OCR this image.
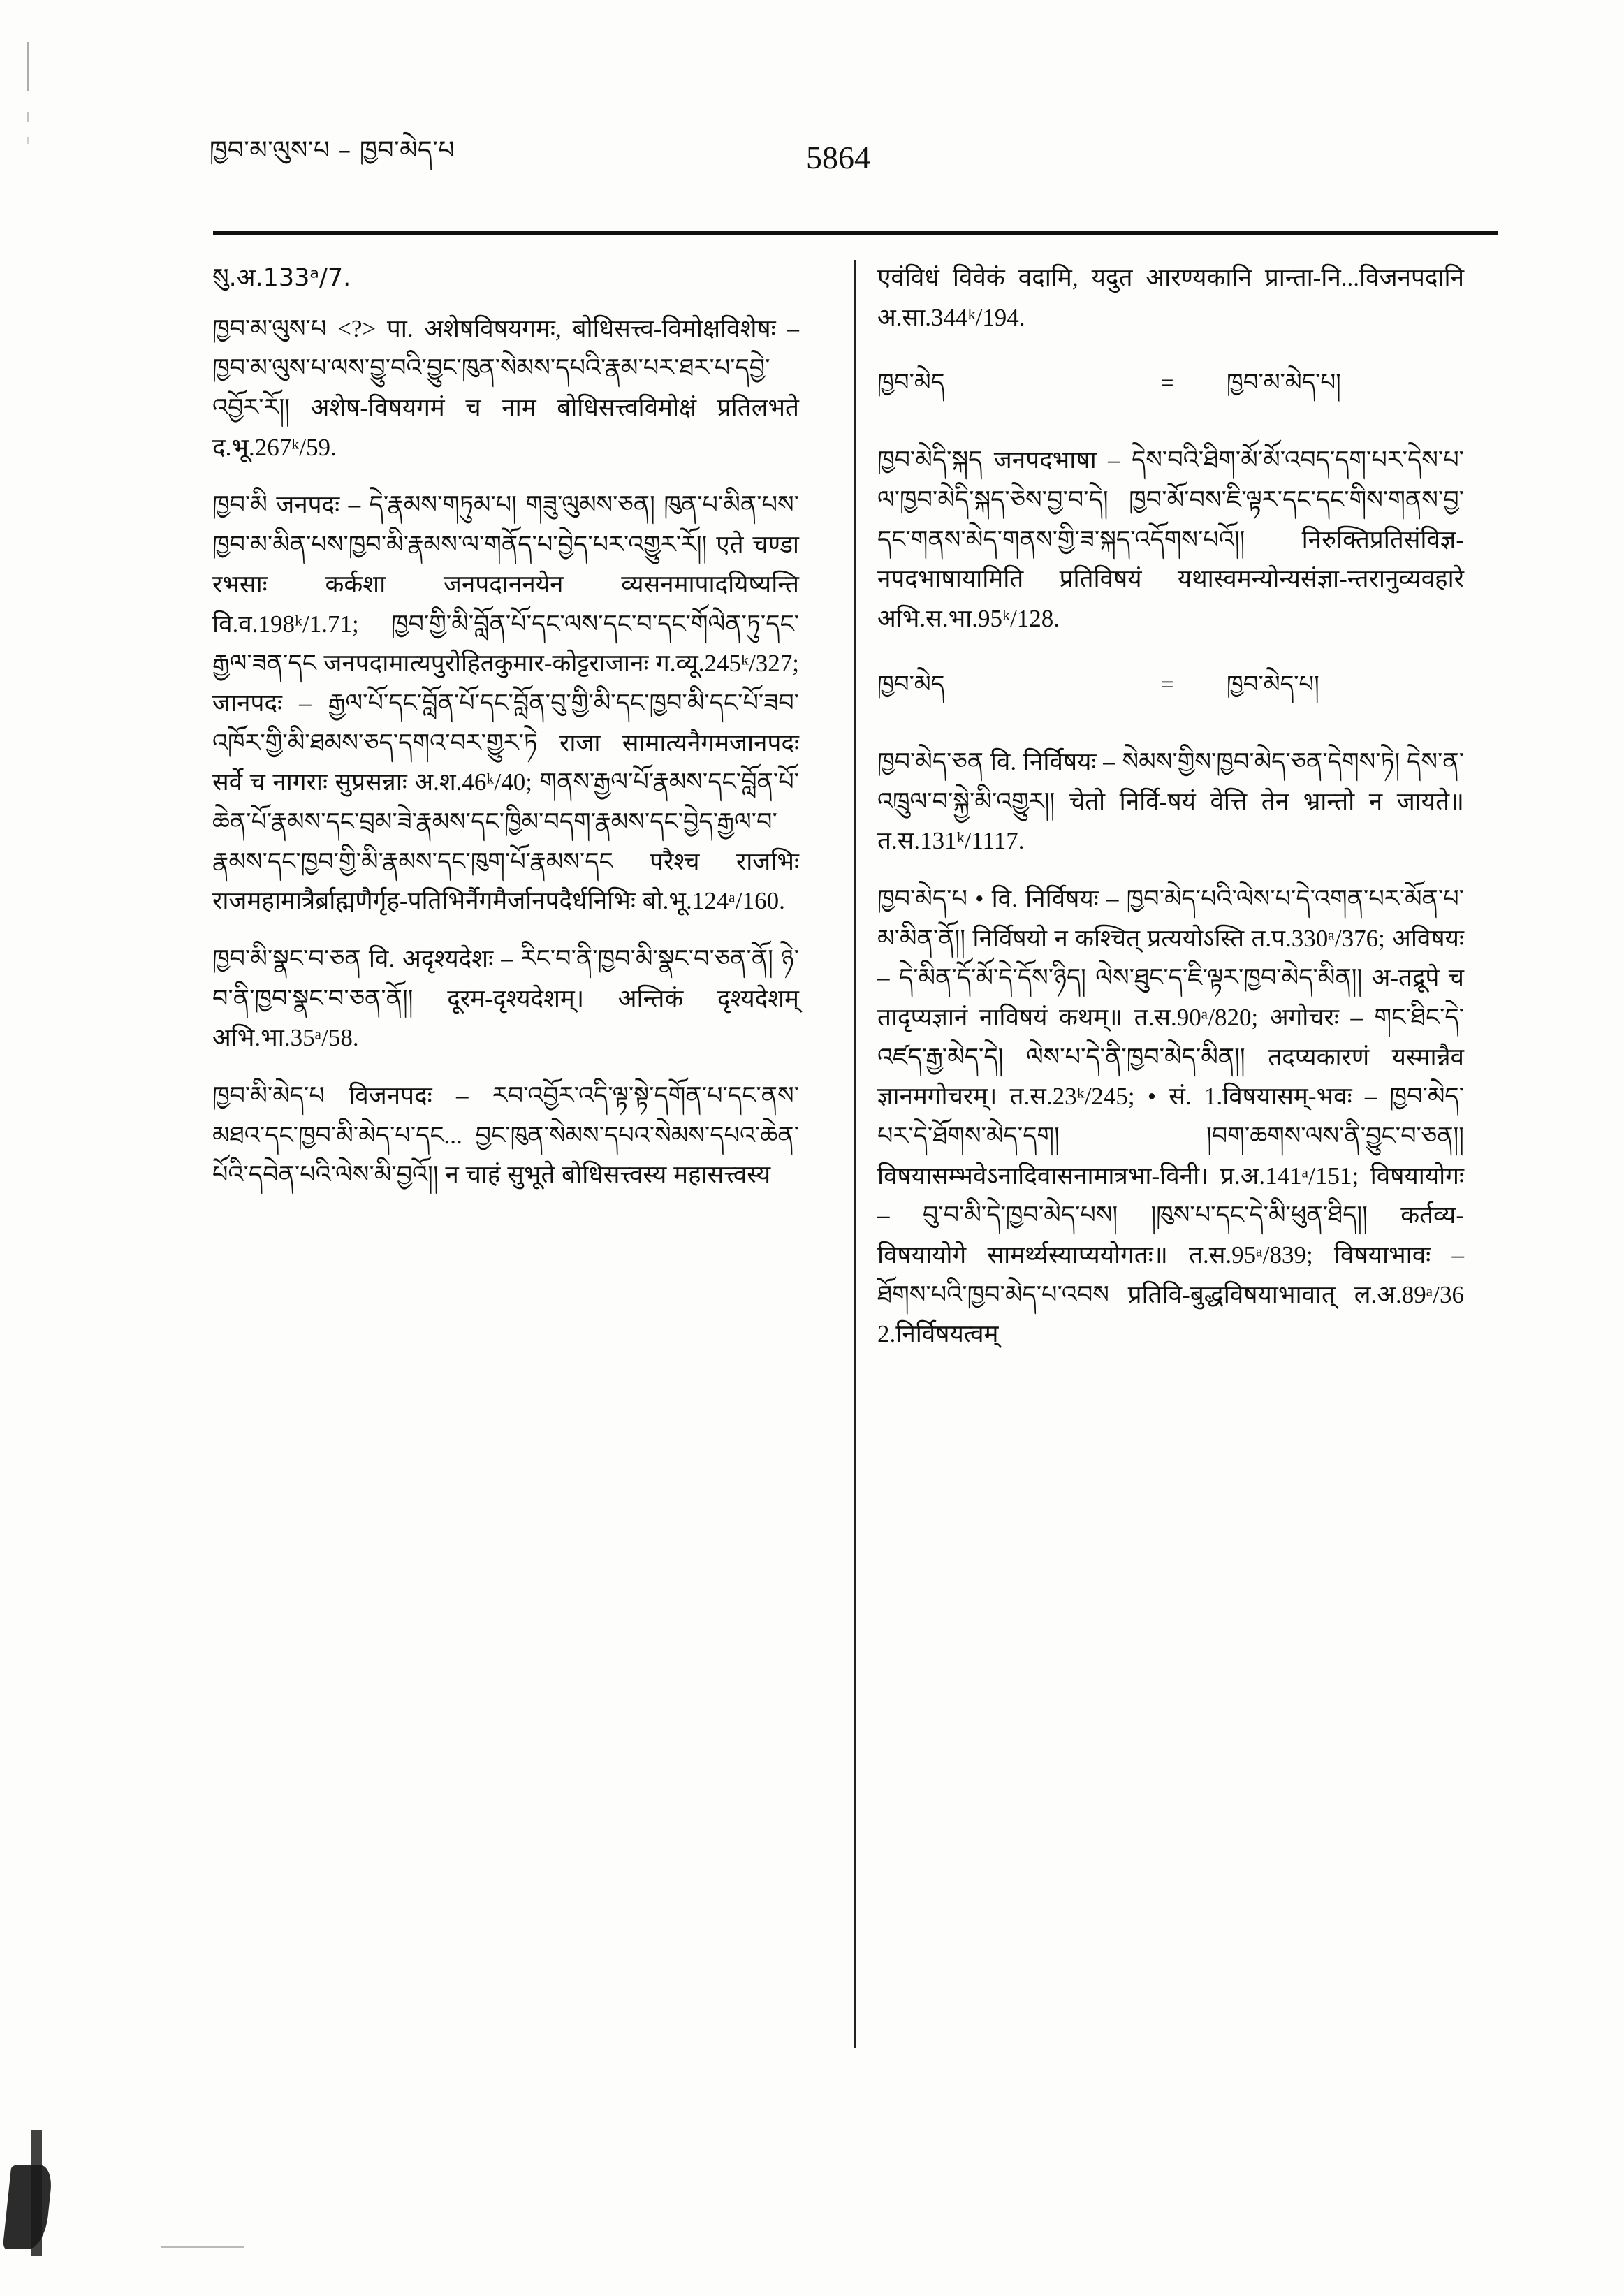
ཁྱབ་མ་ལུས་པ – ཁྱབ་མེད་པ	5864

སུ.अ.133ᵃ/7.

ཁྱབ་མ་ལུས་པ <?> पा. अशेषविषयगमः, बोधिसत्त्व-विमोक्षविशेषः – ཁྱབ་མ་ལུས་པ་ལས་བྱུ་བའི་བྱུང་ཁུན་སེམས་དཔའི་རྣམ་པར་ཐར་པ་དབྱེ་འབྱོར་རོ།། अशेष-विषयगमं च नाम बोधिसत्त्वविमोक्षं प्रतिलभते द.भू.267ᵏ/59.

ཁྱབ་མི जनपदः – དེ་རྣམས་གཏུམ་པ། གཟུ་ལུམས་ཅན། ཁུན་པ་མིན་པས་ཁྱབ་མ་མིན་པས་ཁྱབ་མི་རྣམས་ལ་གནོད་པ་བྱེད་པར་འགྱུར་རོ།། एते चण्डा रभसाः कर्कशा जनपदाननयेन व्यसनमापादयिष्यन्ति वि.व.198ᵏ/1.71; ཁྱབ་གྱི་མི་བློན་པོ་དང་ལས་དང་བ་དང་གོལེན་ཏུ་དང་རྒྱལ་ཟན་དང जनपदामात्यपुरोहितकुमार-कोट्टराजानः ग.व्यू.245ᵏ/327; जानपदः – རྒྱལ་པོ་དང་བློན་པོ་དང་བློན་བུ་གྱི་མི་དང་ཁྱབ་མི་དང་པོ་ཟབ་འཁོར་གྱི་མི་ཐམས་ཅད་དགའ་བར་གྱུར་ཏེ राजा सामात्यनैगमजानपदः सर्वे च नागराः सुप्रसन्नाः अ.श.46ᵏ/40; གནས་རྒྱལ་པོ་རྣམས་དང་བློན་པོ་ཆེན་པོ་རྣམས་དང་བྲམ་ཟེ་རྣམས་དང་ཁྱིམ་བདག་རྣམས་དང་བྱེད་རྒྱལ་བ་རྣམས་དང་ཁྱབ་གྱི་མི་རྣམས་དང་ཁུག་པོ་རྣམས་དང परैश्च राजभिः राजमहामात्रैर्ब्राह्मणैर्गृह-पतिभिर्नैगमैर्जानपदैर्धनिभिः बो.भू.124ᵃ/160.

ཁྱབ་མི་སྣང་བ་ཅན वि. अदृश्यदेशः – རིང་བ་ནི་ཁྱབ་མི་སྣང་བ་ཅན་ནོ། ཉེ་བ་ནི་ཁྱབ་སྣང་བ་ཅན་ནོ།། दूरम-दृश्यदेशम्। अन्तिकं दृश्यदेशम् अभि.भा.35ᵃ/58.

ཁྱབ་མི་མེད་པ विजनपदः – རབ་འབྱོར་འདི་ལྟ་སྟེ་དགོན་པ་དང་ནས་མཐའ་དང་ཁྱབ་མི་མེད་པ་དང... བྱང་ཁུན་སེམས་དཔའ་སེམས་དཔའ་ཆེན་པོའི་དབེན་པའི་ལེས་མི་བྱའོ།། न चाहं सुभूते बोधिसत्त्वस्य महासत्त्वस्य

एवंविधं विवेकं वदामि, यदुत आरण्यकानि प्रान्ता-नि...विजनपदानि अ.सा.344ᵏ/194.

ཁྱབ་མེད	=	ཁྱབ་མ་མེད་པ།

ཁྱབ་མེདི་སྐད जनपदभाषा – དེས་བའི་ཐིག་མོ་མོ་འབད་དག་པར་དེས་པ་ལ་ཁྱབ་མེདི་སྐད་ཅེས་བྱ་བ་དེ། ཁྱབ་མོ་བས་ཇི་ལྟར་དང་དང་གིས་གནས་བྱ་དང་གནས་མེད་གནས་གྱི་ཟ་སྐད་འདོགས་པའོ།། निरुक्तिप्रतिसंविज्ञ-नपदभाषायामिति प्रतिविषयं यथास्वमन्योन्यसंज्ञा-न्तरानुव्यवहारे अभि.स.भा.95ᵏ/128.

ཁྱབ་མེད	=	ཁྱབ་མེད་པ།

ཁྱབ་མེད་ཅན वि. निर्विषयः – སེམས་གྱིས་ཁྱབ་མེད་ཅན་དེགས་ཏེ། དེས་ན་འཁྲུལ་བ་སྐྱེ་མི་འགྱུར།། चेतो निर्वि-षयं वेत्ति तेन भ्रान्तो न जायते॥ त.स.131ᵏ/1117.

ཁྱབ་མེད་པ • वि. निर्विषयः – ཁྱབ་མེད་པའི་ལེས་པ་དེ་འགན་པར་མོན་པ་མ་མིན་ནོ།། निर्विषयो न कश्चित् प्रत्ययोऽस्ति त.प.330ᵃ/376; अविषयः – དེ་མིན་དོ་མོ་དེ་དོས་ཉིད། ལེས་ཐུང་ད་ཇི་ལྟར་ཁྱབ་མེད་མིན།། अ-तद्रूपे च तादृप्यज्ञानं नाविषयं कथम्॥ त.स.90ᵃ/820; अगोचरः – གང་ཐིང་དེ་འཛད་རྒྱ་མེད་དེ། ལེས་པ་དེ་ནི་ཁྱབ་མེད་མིན།། तदप्यकारणं यस्मान्नैव ज्ञानमगोचरम्। त.स.23ᵏ/245; • सं. 1.विषयासम्-भवः – ཁྱབ་མེད་པར་དེ་ཐོགས་མེད་དག། །བག་ཆགས་ལས་ནི་བྱུང་བ་ཅན།། विषयासम्भवेऽनादिवासनामात्रभा-विनी। प्र.अ.141ᵃ/151; विषयायोगः – བུ་བ་མི་དེ་ཁྱབ་མེད་པས། །ཁུས་པ་དང་དེ་མི་ཕུན་ཐིད།། कर्तव्य-विषयायोगे सामर्थ्यस्याप्ययोगतः॥ त.स.95ᵃ/839; विषयाभावः – ཐོགས་པའི་ཁྱབ་མེད་པ་འབས प्रतिवि-बुद्धविषयाभावात् ल.अ.89ᵃ/36 2.निर्विषयत्वम्
